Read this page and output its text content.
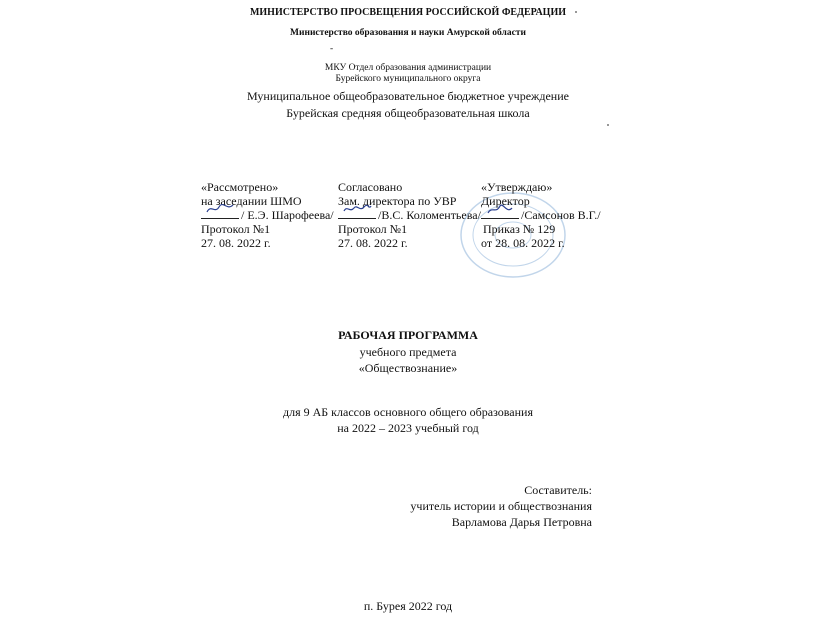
МИНИСТЕРСТВО ПРОСВЕЩЕНИЯ РОССИЙСКОЙ ФЕДЕРАЦИИ
Министерство образования и науки Амурской области
-
МКУ Отдел образования администрации
Бурейского муниципального округа
Муниципальное общеобразовательное бюджетное учреждение
Бурейская средняя общеобразовательная школа
«Рассмотрено»
на заседании ШМО
/ Е.Э. Шарофеева/
Протокол №1
27. 08. 2022 г.
Согласовано
Зам. директора по УВР
/В.С. Коломентьева/
Протокол №1
27. 08. 2022 г.
«Утверждаю»
Директор
/Самсонов В.Г./
Приказ № 129
от 28. 08. 2022 г.
РАБОЧАЯ ПРОГРАММА
учебного предмета
«Обществознание»
для 9 АБ классов основного общего образования
на 2022 – 2023 учебный год
Составитель:
учитель истории и обществознания
Варламова Дарья Петровна
п. Бурея 2022 год
